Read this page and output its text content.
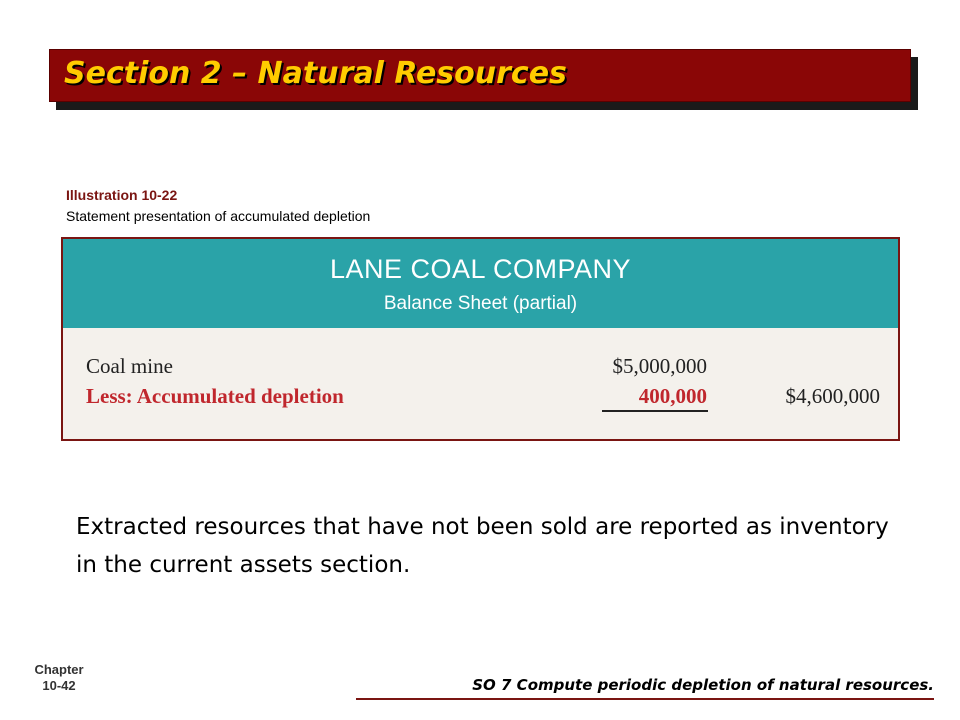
Section 2 – Natural Resources
Illustration 10-22
Statement presentation of accumulated depletion
LANE COAL COMPANY
Balance Sheet (partial)
Coal mine	$5,000,000
Less: Accumulated depletion	400,000	$4,600,000
Extracted resources that have not been sold are reported as inventory in the current assets section.
Chapter
10-42	SO 7 Compute periodic depletion of natural resources.
